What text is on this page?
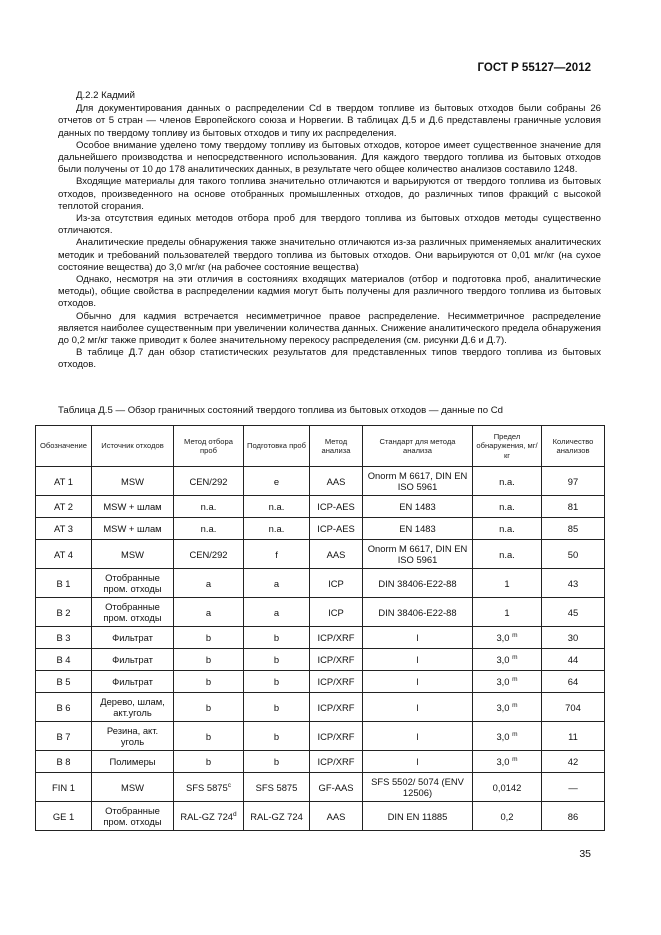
ГОСТ Р 55127—2012

Д.2.2 Кадмий

Для документирования данных о распределении Cd в твердом топливе из бытовых отходов были собраны 26 отчетов от 5 стран — членов Европейского союза и Норвегии. В таблицах Д.5 и Д.6 представлены граничные условия данных по твердому топливу из бытовых отходов и типу их распределения.

Особое внимание уделено тому твердому топливу из бытовых отходов, которое имеет существенное значение для дальнейшего производства и непосредственного использования. Для каждого твердого топлива из бытовых отходов были получены от 10 до 178 аналитических данных, в результате чего общее количество анализов составило 1248.

Входящие материалы для такого топлива значительно отличаются и варьируются от твердого топлива из бытовых отходов, произведенного на основе отобранных промышленных отходов, до различных типов фракций с высокой теплотой сгорания.

Из-за отсутствия единых методов отбора проб для твердого топлива из бытовых отходов методы существенно отличаются.

Аналитические пределы обнаружения также значительно отличаются из-за различных применяемых аналитических методик и требований пользователей твердого топлива из бытовых отходов. Они варьируются от 0,01 мг/кг (на сухое состояние вещества) до 3,0 мг/кг (на рабочее состояние вещества)

Однако, несмотря на эти отличия в состояниях входящих материалов (отбор и подготовка проб, аналитические методы), общие свойства в распределении кадмия могут быть получены для различного твердого топлива из бытовых отходов.

Обычно для кадмия встречается несимметричное правое распределение. Несимметричное распределение является наиболее существенным при увеличении количества данных. Снижение аналитического предела обнаружения до 0,2 мг/кг также приводит к более значительному перекосу распределения (см. рисунки Д.6 и Д.7).

В таблице Д.7 дан обзор статистических результатов для представленных типов твердого топлива из бытовых отходов.

Таблица Д.5 — Обзор граничных состояний твердого топлива из бытовых отходов — данные по Cd
Обозначение	Источник отходов	Метод отбора проб	Подготовка проб	Метод анализа	Стандарт для метода анализа	Предел обнаружения, мг/кг	Количество анализов
AT 1	MSW	CEN/292	e	AAS	Onorm M 6617, DIN EN ISO 5961	n.a.	97
AT 2	MSW + шлам	n.a.	n.a.	ICP-AES	EN 1483	n.a.	81
AT 3	MSW + шлам	n.a.	n.a.	ICP-AES	EN 1483	n.a.	85
AT 4	MSW	CEN/292	f	AAS	Onorm M 6617, DIN EN ISO 5961	n.a.	50
B 1	Отобранные пром. отходы	a	a	ICP	DIN 38406-E22-88	1	43
B 2	Отобранные пром. отходы	a	a	ICP	DIN 38406-E22-88	1	45
B 3	Фильтрат	b	b	ICP/XRF	l	3,0 $^m$	30
B 4	Фильтрат	b	b	ICP/XRF	l	3,0 $^m$	44
B 5	Фильтрат	b	b	ICP/XRF	l	3,0 $^m$	64
B 6	Дерево, шлам, акт.уголь	b	b	ICP/XRF	l	3,0 $^m$	704
B 7	Резина, акт. уголь	b	b	ICP/XRF	l	3,0 $^m$	11
B 8	Полимеры	b	b	ICP/XRF	l	3,0 $^m$	42
FIN 1	MSW	SFS 5875$^c$	SFS 5875	GF-AAS	SFS 5502/ 5074 (ENV 12506)	0,0142	—
GE 1	Отобранные пром. отходы	RAL-GZ 724$^d$	RAL-GZ 724	AAS	DIN EN 11885	0,2	86
35
